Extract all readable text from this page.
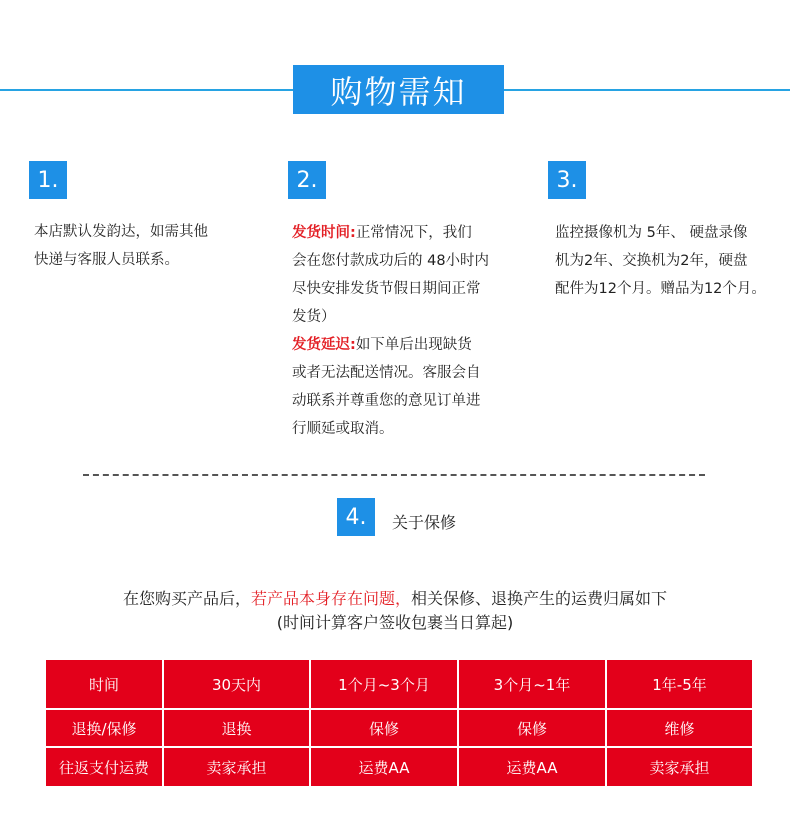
购物需知
1.
本店默认发韵达，如需其他
快递与客服人员联系。
2.
发货时间:正常情况下，我们
会在您付款成功后的 48小时内
尽快安排发货节假日期间正常
发货）
发货延迟:如下单后出现缺货
或者无法配送情况。客服会自
动联系并尊重您的意见订单进
行顺延或取消。
3.
监控摄像机为 5年、 硬盘录像
机为2年、交换机为2年，硬盘
配件为12个月。赠品为12个月。
4.	关于保修
在您购买产品后，若产品本身存在问题，相关保修、退换产生的运费归属如下
(时间计算客户签收包裹当日算起)
时间	30天内	1个月~3个月	3个月~1年	1年-5年
退换/保修	退换	保修	保修	维修
往返支付运费	卖家承担	运费AA	运费AA	卖家承担
